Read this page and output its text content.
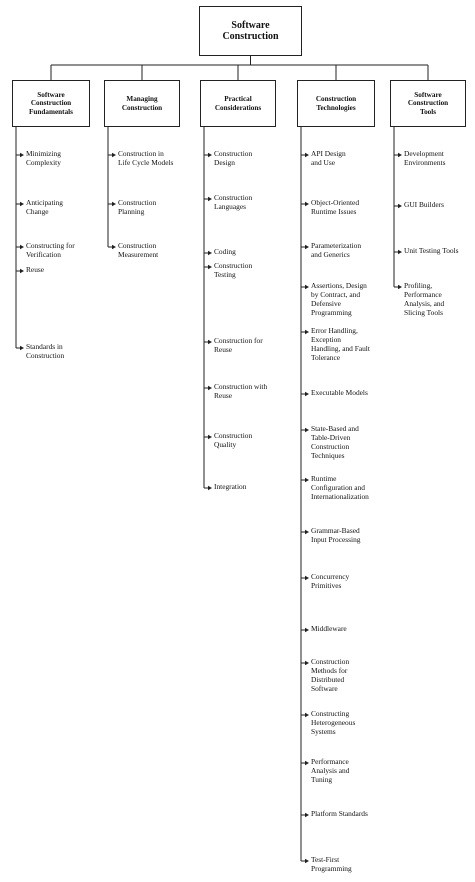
Software
Construction
Software
Construction
Fundamentals
Minimizing
Complexity
Anticipating
Change
Constructing for
Verification
Reuse
Standards in
Construction
Managing
Construction
Construction in
Life Cycle Models
Construction
Planning
Construction
Measurement
Practical
Considerations
Construction
Design
Construction
Languages
Coding
Construction
Testing
Construction for
Reuse
Construction with
Reuse
Construction
Quality
Integration
Construction
Technologies
API Design
and Use
Object-Oriented
Runtime Issues
Parameterization
and Generics
Assertions, Design
by Contract, and
Defensive
Programming
Error Handling,
Exception
Handling, and Fault
Tolerance
Executable Models
State-Based and
Table-Driven
Construction
Techniques
Runtime
Configuration and
Internationalization
Grammar-Based
Input Processing
Concurrency
Primitives
Middleware
Construction
Methods for
Distributed
Software
Constructing
Heterogeneous
Systems
Performance
Analysis and
Tuning
Platform Standards
Test-First
Programming
Software
Construction
Tools
Development
Environments
GUI Builders
Unit Testing Tools
Profiling,
Performance
Analysis, and
Slicing Tools
